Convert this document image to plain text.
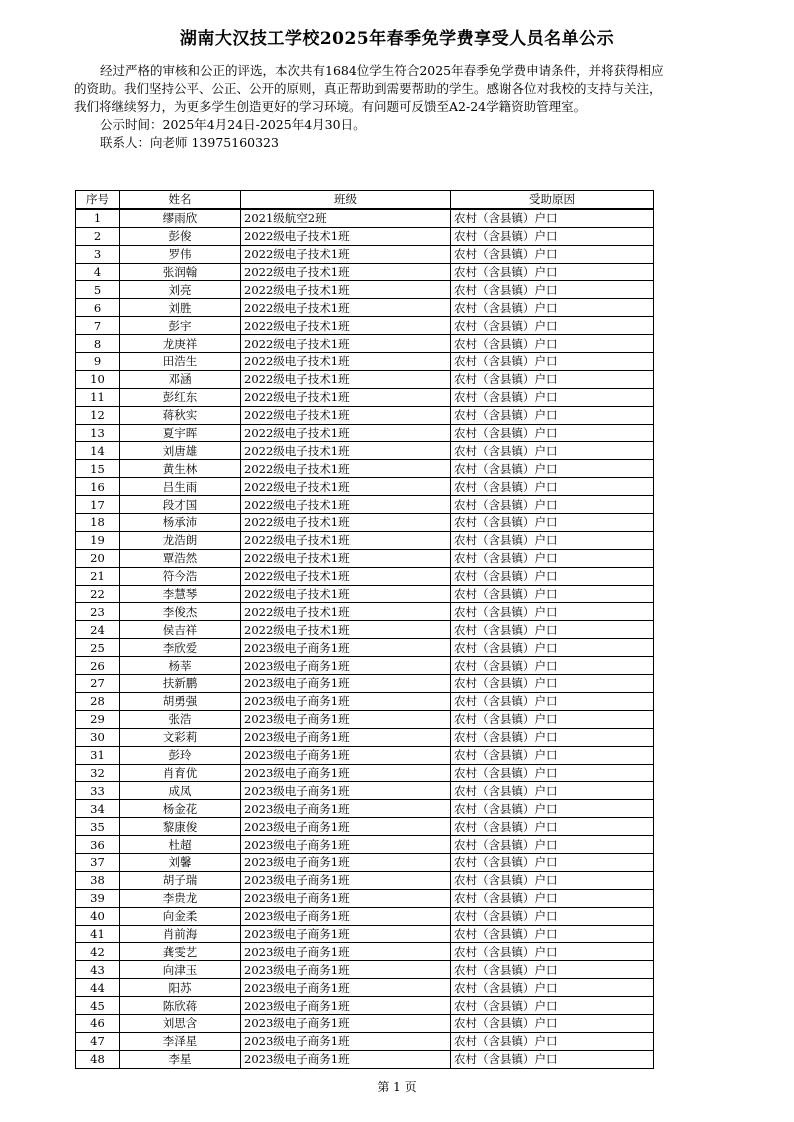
湖南大汉技工学校2025年春季免学费享受人员名单公示

经过严格的审核和公正的评选，本次共有1684位学生符合2025年春季免学费申请条件，并将获得相应的资助。我们坚持公平、公正、公开的原则，真正帮助到需要帮助的学生。感谢各位对我校的支持与关注，我们将继续努力，为更多学生创造更好的学习环境。有问题可反馈至A2-24学籍资助管理室。

公示时间：2025年4月24日-2025年4月30日。

联系人：向老师 13975160323

序号	姓名	班级	受助原因
1	缪雨欣	2021级航空2班	农村（含县镇）户口
2	彭俊	2022级电子技术1班	农村（含县镇）户口
3	罗伟	2022级电子技术1班	农村（含县镇）户口
4	张润翰	2022级电子技术1班	农村（含县镇）户口
5	刘亮	2022级电子技术1班	农村（含县镇）户口
6	刘胜	2022级电子技术1班	农村（含县镇）户口
7	彭宇	2022级电子技术1班	农村（含县镇）户口
8	龙庚祥	2022级电子技术1班	农村（含县镇）户口
9	田浩生	2022级电子技术1班	农村（含县镇）户口
10	邓涵	2022级电子技术1班	农村（含县镇）户口
11	彭红东	2022级电子技术1班	农村（含县镇）户口
12	蒋秋实	2022级电子技术1班	农村（含县镇）户口
13	夏宇晖	2022级电子技术1班	农村（含县镇）户口
14	刘唐雄	2022级电子技术1班	农村（含县镇）户口
15	黄生林	2022级电子技术1班	农村（含县镇）户口
16	吕生雨	2022级电子技术1班	农村（含县镇）户口
17	段才国	2022级电子技术1班	农村（含县镇）户口
18	杨承沛	2022级电子技术1班	农村（含县镇）户口
19	龙浩朗	2022级电子技术1班	农村（含县镇）户口
20	覃浩然	2022级电子技术1班	农村（含县镇）户口
21	符今浩	2022级电子技术1班	农村（含县镇）户口
22	李慧琴	2022级电子技术1班	农村（含县镇）户口
23	李俊杰	2022级电子技术1班	农村（含县镇）户口
24	侯吉祥	2022级电子技术1班	农村（含县镇）户口
25	李欣爱	2023级电子商务1班	农村（含县镇）户口
26	杨莘	2023级电子商务1班	农村（含县镇）户口
27	扶新鹏	2023级电子商务1班	农村（含县镇）户口
28	胡勇强	2023级电子商务1班	农村（含县镇）户口
29	张浩	2023级电子商务1班	农村（含县镇）户口
30	文彩莉	2023级电子商务1班	农村（含县镇）户口
31	彭玲	2023级电子商务1班	农村（含县镇）户口
32	肖育优	2023级电子商务1班	农村（含县镇）户口
33	成凤	2023级电子商务1班	农村（含县镇）户口
34	杨金花	2023级电子商务1班	农村（含县镇）户口
35	黎康俊	2023级电子商务1班	农村（含县镇）户口
36	杜超	2023级电子商务1班	农村（含县镇）户口
37	刘馨	2023级电子商务1班	农村（含县镇）户口
38	胡子瑞	2023级电子商务1班	农村（含县镇）户口
39	李贵龙	2023级电子商务1班	农村（含县镇）户口
40	向金柔	2023级电子商务1班	农村（含县镇）户口
41	肖前海	2023级电子商务1班	农村（含县镇）户口
42	龚雯艺	2023级电子商务1班	农村（含县镇）户口
43	向津玉	2023级电子商务1班	农村（含县镇）户口
44	阳苏	2023级电子商务1班	农村（含县镇）户口
45	陈欣蒋	2023级电子商务1班	农村（含县镇）户口
46	刘思含	2023级电子商务1班	农村（含县镇）户口
47	李泽星	2023级电子商务1班	农村（含县镇）户口
48	李星	2023级电子商务1班	农村（含县镇）户口
第 1 页
